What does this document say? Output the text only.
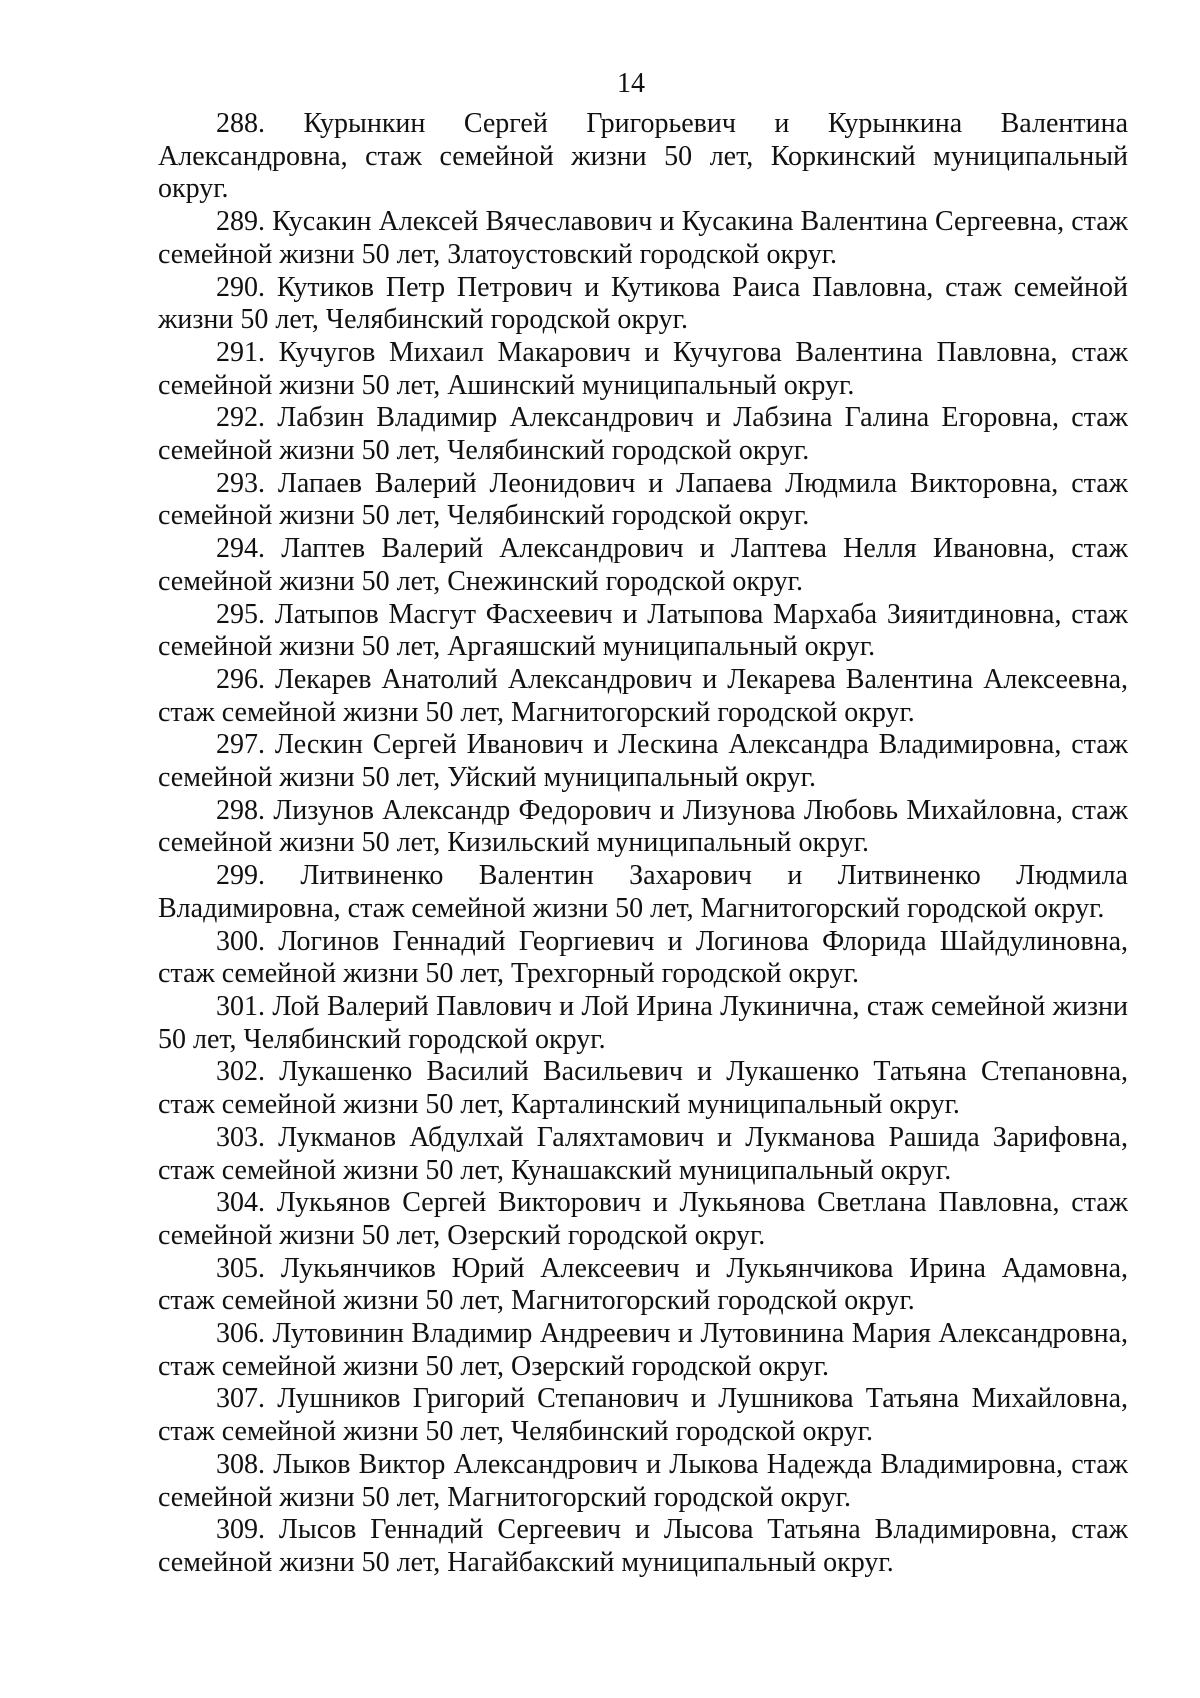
14

288. Курынкин Сергей Григорьевич и Курынкина Валентина Александровна, стаж семейной жизни 50 лет, Коркинский муниципальный округ.

289. Кусакин Алексей Вячеславович и Кусакина Валентина Сергеевна, стаж семейной жизни 50 лет, Златоустовский городской округ.

290. Кутиков Петр Петрович и Кутикова Раиса Павловна, стаж семейной жизни 50 лет, Челябинский городской округ.

291. Кучугов Михаил Макарович и Кучугова Валентина Павловна, стаж семейной жизни 50 лет, Ашинский муниципальный округ.

292. Лабзин Владимир Александрович и Лабзина Галина Егоровна, стаж семейной жизни 50 лет, Челябинский городской округ.

293. Лапаев Валерий Леонидович и Лапаева Людмила Викторовна, стаж семейной жизни 50 лет, Челябинский городской округ.

294. Лаптев Валерий Александрович и Лаптева Нелля Ивановна, стаж семейной жизни 50 лет, Снежинский городской округ.

295. Латыпов Масгут Фасхеевич и Латыпова Мархаба Зияитдиновна, стаж семейной жизни 50 лет, Аргаяшский муниципальный округ.

296. Лекарев Анатолий Александрович и Лекарева Валентина Алексеевна, стаж семейной жизни 50 лет, Магнитогорский городской округ.

297. Лескин Сергей Иванович и Лескина Александра Владимировна, стаж семейной жизни 50 лет, Уйский муниципальный округ.

298. Лизунов Александр Федорович и Лизунова Любовь Михайловна, стаж семейной жизни 50 лет, Кизильский муниципальный округ.

299. Литвиненко Валентин Захарович и Литвиненко Людмила Владимировна, стаж семейной жизни 50 лет, Магнитогорский городской округ.

300. Логинов Геннадий Георгиевич и Логинова Флорида Шайдулиновна, стаж семейной жизни 50 лет, Трехгорный городской округ.

301. Лой Валерий Павлович и Лой Ирина Лукинична, стаж семейной жизни 50 лет, Челябинский городской округ.

302. Лукашенко Василий Васильевич и Лукашенко Татьяна Степановна, стаж семейной жизни 50 лет, Карталинский муниципальный округ.

303. Лукманов Абдулхай Галяхтамович и Лукманова Рашида Зарифовна, стаж семейной жизни 50 лет, Кунашакский муниципальный округ.

304. Лукьянов Сергей Викторович и Лукьянова Светлана Павловна, стаж семейной жизни 50 лет, Озерский городской округ.

305. Лукьянчиков Юрий Алексеевич и Лукьянчикова Ирина Адамовна, стаж семейной жизни 50 лет, Магнитогорский городской округ.

306. Лутовинин Владимир Андреевич и Лутовинина Мария Александровна, стаж семейной жизни 50 лет, Озерский городской округ.

307. Лушников Григорий Степанович и Лушникова Татьяна Михайловна, стаж семейной жизни 50 лет, Челябинский городской округ.

308. Лыков Виктор Александрович и Лыкова Надежда Владимировна, стаж семейной жизни 50 лет, Магнитогорский городской округ.

309. Лысов Геннадий Сергеевич и Лысова Татьяна Владимировна, стаж семейной жизни 50 лет, Нагайбакский муниципальный округ.
